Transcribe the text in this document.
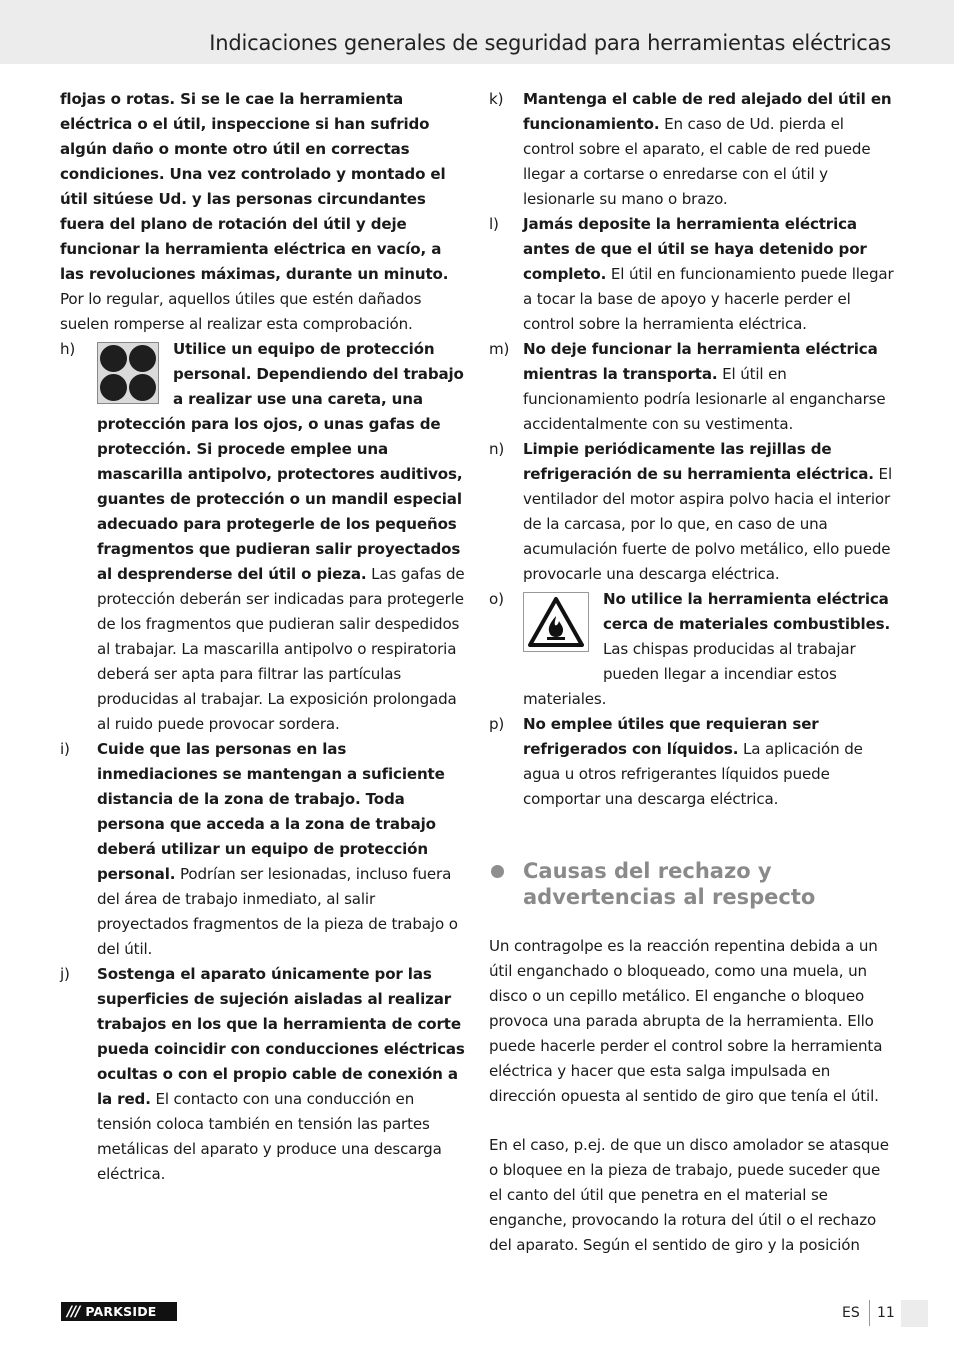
Indicaciones generales de seguridad para herramientas eléctricas
flojas o rotas. Si se le cae la herramienta eléctrica o el útil, inspeccione si han sufrido algún daño o monte otro útil en correctas condiciones. Una vez controlado y montado el útil sitúese Ud. y las personas circundantes fuera del plano de rotación del útil y deje funcionar la herramienta eléctrica en vacío, a las revoluciones máximas, durante un minuto. Por lo regular, aquellos útiles que estén dañados suelen romperse al realizar esta comprobación.
h)	Utilice un equipo de protección personal. Dependiendo del trabajo a realizar use una careta, una protección para los ojos, o unas gafas de protección. Si procede emplee una mascarilla antipolvo, protectores auditivos, guantes de protección o un mandil especial adecuado para protegerle de los pequeños fragmentos que pudieran salir proyectados al desprenderse del útil o pieza. Las gafas de protección deberán ser indicadas para protegerle de los fragmentos que pudieran salir despedidos al trabajar. La mascarilla antipolvo o respiratoria deberá ser apta para filtrar las partículas producidas al trabajar. La exposición prolongada al ruido puede provocar sordera.
i) Cuide que las personas en las inmediaciones se mantengan a suficiente distancia de la zona de trabajo. Toda persona que acceda a la zona de trabajo deberá utilizar un equipo de protección personal. Podrían ser lesionadas, incluso fuera del área de trabajo inmediato, al salir proyectados fragmentos de la pieza de trabajo o del útil.
j) Sostenga el aparato únicamente por las superficies de sujeción aisladas al realizar trabajos en los que la herramienta de corte pueda coincidir con conducciones eléctricas ocultas o con el propio cable de conexión a la red. El contacto con una conducción en tensión coloca también en tensión las partes metálicas del aparato y produce una descarga eléctrica.
k) Mantenga el cable de red alejado del útil en funcionamiento. En caso de Ud. pierda el control sobre el aparato, el cable de red puede llegar a cortarse o enredarse con el útil y lesionarle su mano o brazo.
l) Jamás deposite la herramienta eléctrica antes de que el útil se haya detenido por completo. El útil en funcionamiento puede llegar a tocar la base de apoyo y hacerle perder el control sobre la herramienta eléctrica.
m) No deje funcionar la herramienta eléctrica mientras la transporta. El útil en funcionamiento podría lesionarle al engancharse accidentalmente con su vestimenta.
n) Limpie periódicamente las rejillas de refrigeración de su herramienta eléctrica. El ventilador del motor aspira polvo hacia el interior de la carcasa, por lo que, en caso de una acumulación fuerte de polvo metálico, ello puede provocarle una descarga eléctrica.
o)	No utilice la herramienta eléctrica cerca de materiales combustibles. Las chispas producidas al trabajar pueden llegar a incendiar estos materiales.
p) No emplee útiles que requieran ser refrigerados con líquidos. La aplicación de agua u otros refrigerantes líquidos puede comportar una descarga eléctrica.
Causas del rechazo y advertencias al respecto
Un contragolpe es la reacción repentina debida a un útil enganchado o bloqueado, como una muela, un disco o un cepillo metálico. El enganche o bloqueo provoca una parada abrupta de la herramienta. Ello puede hacerle perder el control sobre la herramienta eléctrica y hacer que esta salga impulsada en dirección opuesta al sentido de giro que tenía el útil.
En el caso, p.ej. de que un disco amolador se atasque o bloquee en la pieza de trabajo, puede suceder que el canto del útil que penetra en el material se enganche, provocando la rotura del útil o el rechazo del aparato. Según el sentido de giro y la posición
/// PARKSIDE	ES 11
